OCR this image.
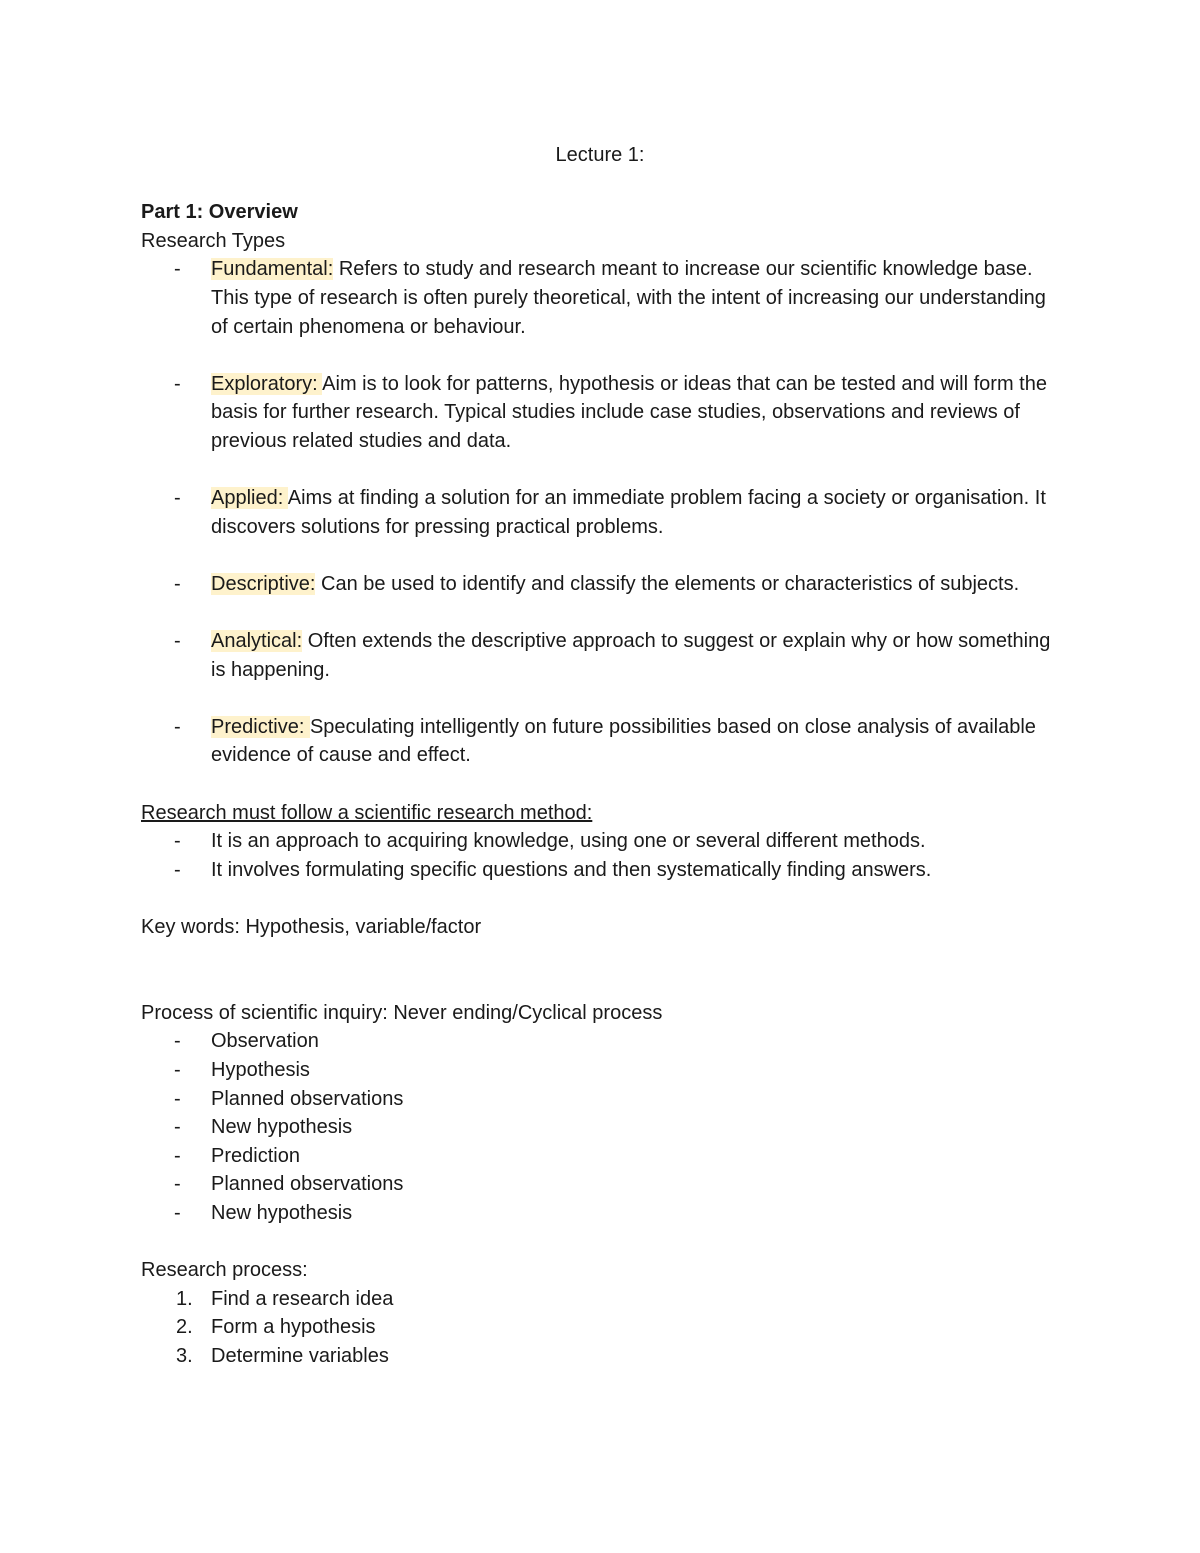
Lecture 1:

Part 1: Overview

Research Types

- Fundamental: Refers to study and research meant to increase our scientific knowledge base. This type of research is often purely theoretical, with the intent of increasing our understanding of certain phenomena or behaviour.
- Exploratory: Aim is to look for patterns, hypothesis or ideas that can be tested and will form the basis for further research. Typical studies include case studies, observations and reviews of previous related studies and data.
- Applied: Aims at finding a solution for an immediate problem facing a society or organisation. It discovers solutions for pressing practical problems.
- Descriptive: Can be used to identify and classify the elements or characteristics of subjects.
- Analytical: Often extends the descriptive approach to suggest or explain why or how something is happening.
- Predictive: Speculating intelligently on future possibilities based on close analysis of available evidence of cause and effect.

Research must follow a scientific research method:

- It is an approach to acquiring knowledge, using one or several different methods.
- It involves formulating specific questions and then systematically finding answers.

Key words: Hypothesis, variable/factor

Process of scientific inquiry: Never ending/Cyclical process

- Observation
- Hypothesis
- Planned observations
- New hypothesis
- Prediction
- Planned observations
- New hypothesis

Research process:

1. Find a research idea
2. Form a hypothesis
3. Determine variables
